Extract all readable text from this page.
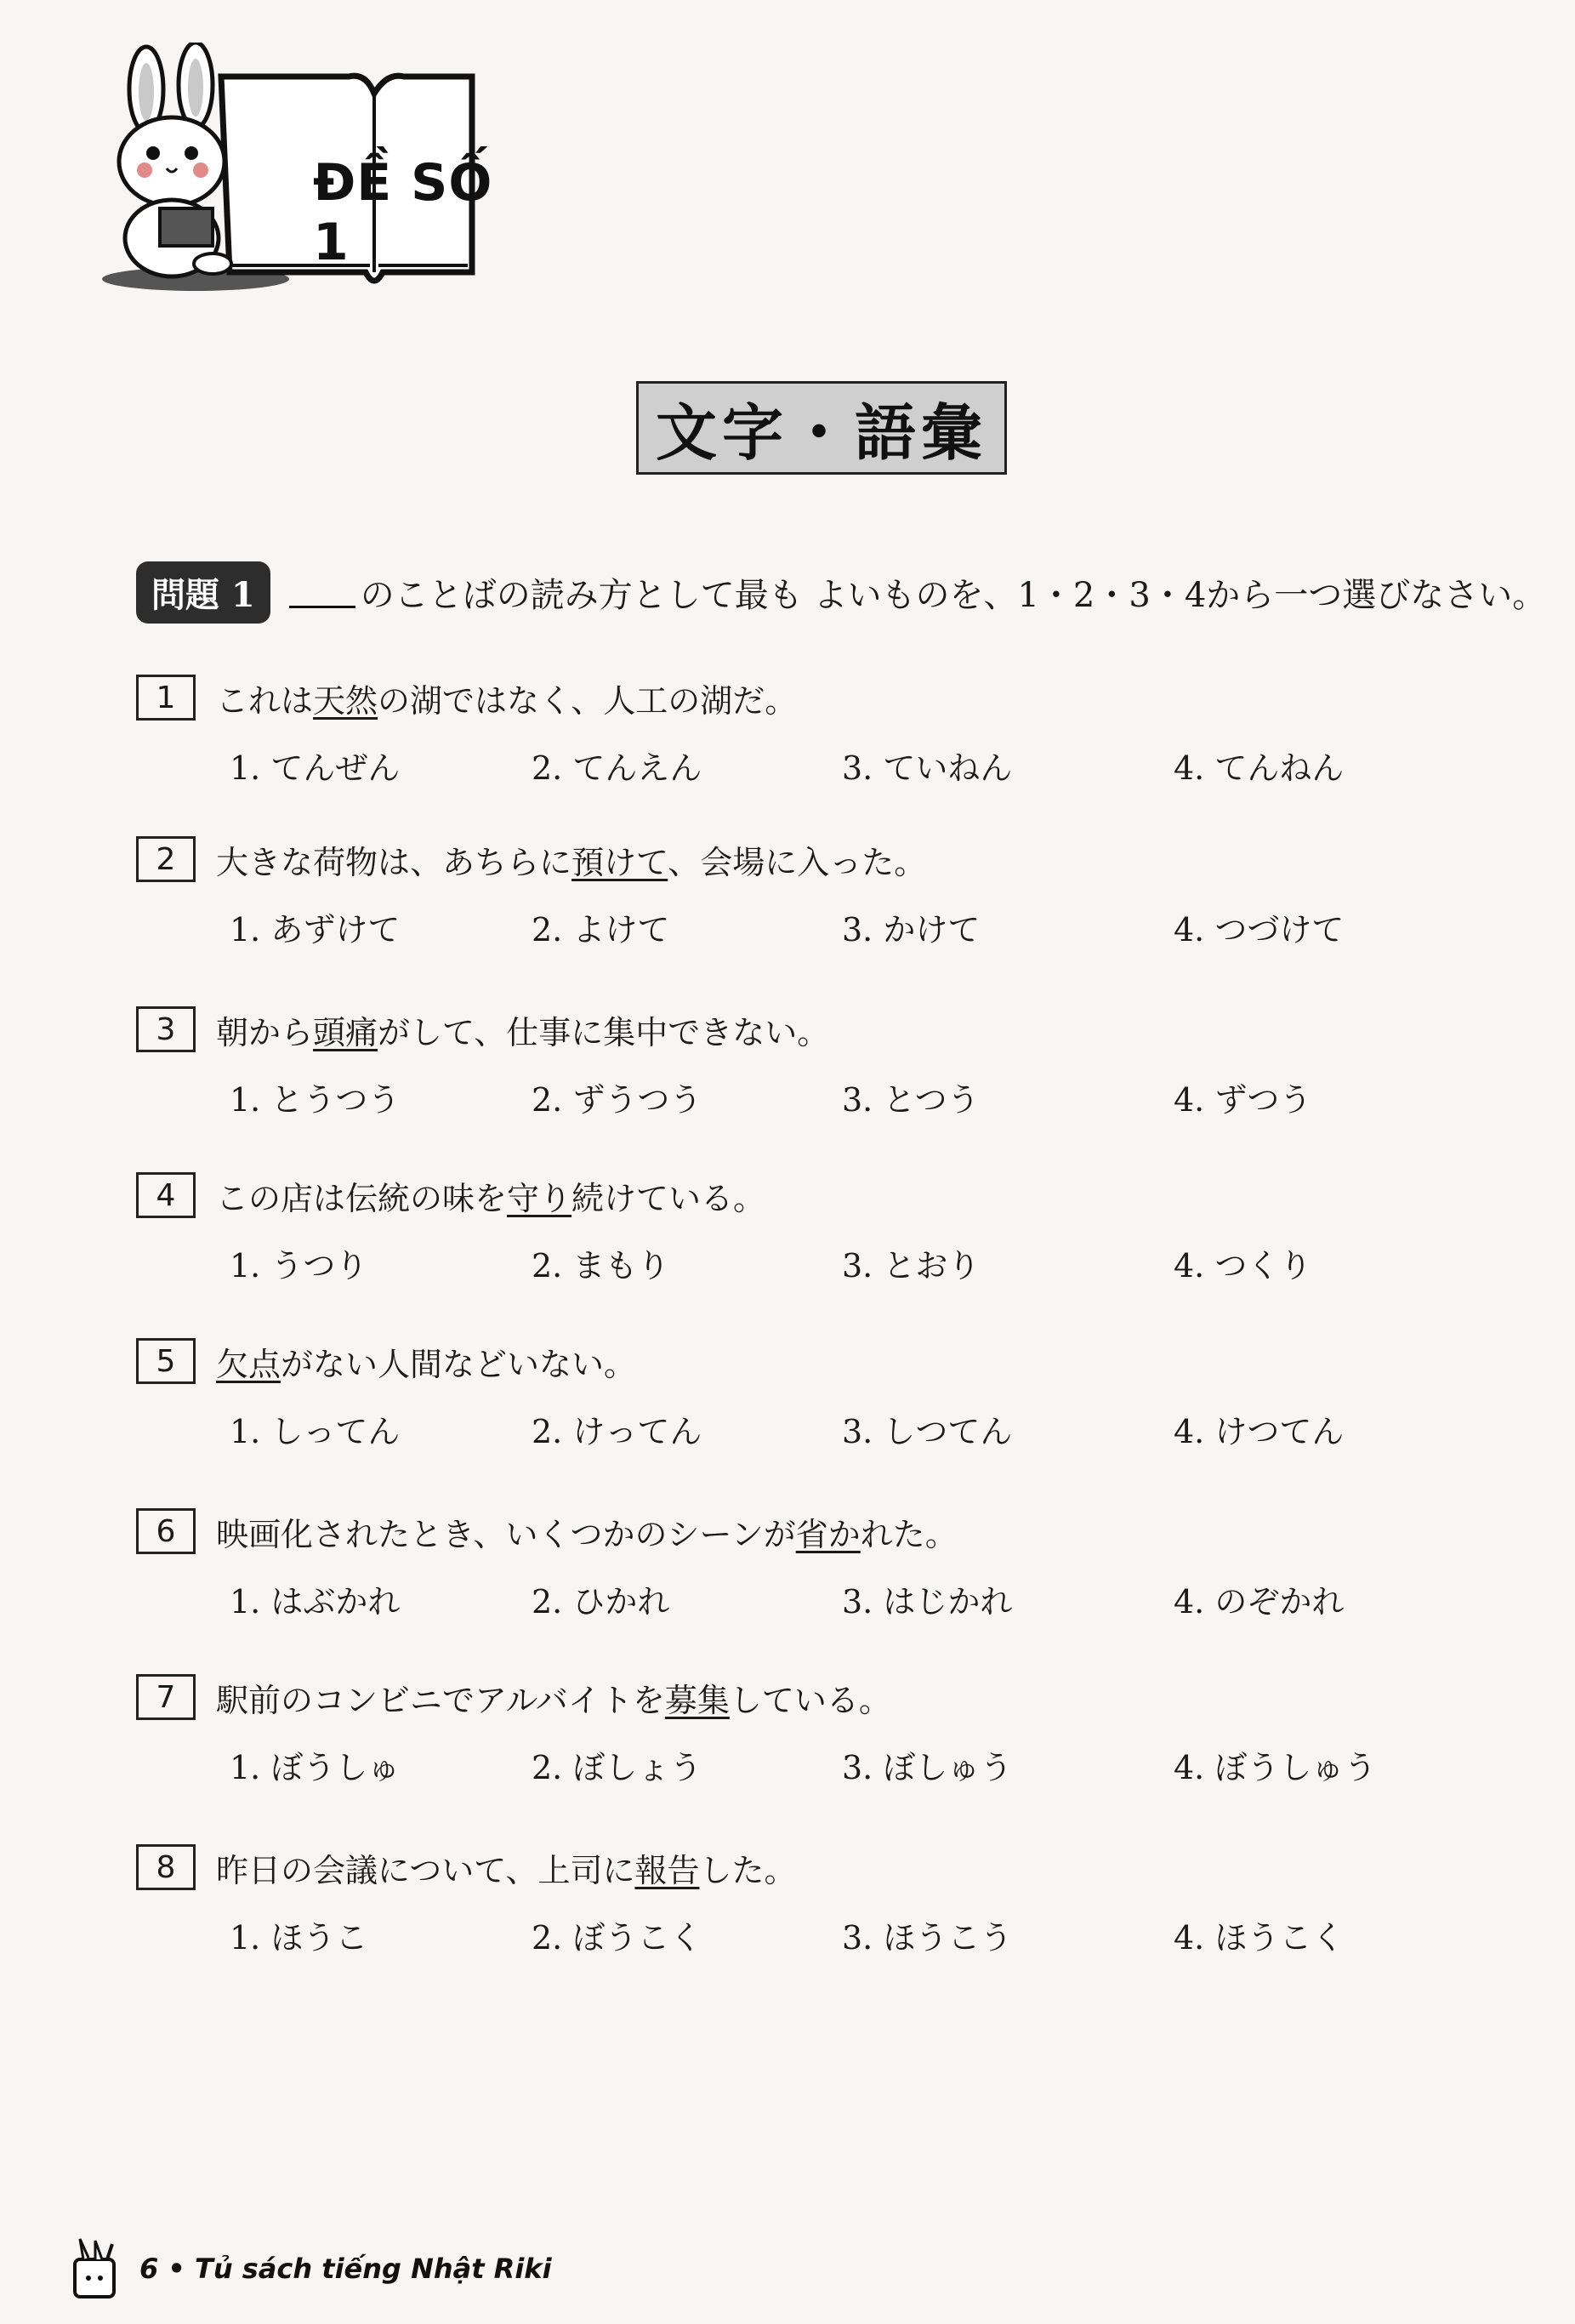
ĐỀ SỐ 1
文字・語彙
問題 1	のことばの読み方として最も よいものを、1・2・3・4から一つ選びなさい。
1	これは天然の湖ではなく、人工の湖だ。
1. てんぜん	2. てんえん	3. ていねん	4. てんねん
2	大きな荷物は、あちらに預けて、会場に入った。
1. あずけて	2. よけて	3. かけて	4. つづけて
3	朝から頭痛がして、仕事に集中できない。
1. とうつう	2. ずうつう	3. とつう	4. ずつう
4	この店は伝統の味を守り続けている。
1. うつり	2. まもり	3. とおり	4. つくり
5	欠点がない人間などいない。
1. しってん	2. けってん	3. しつてん	4. けつてん
6	映画化されたとき、いくつかのシーンが省かれた。
1. はぶかれ	2. ひかれ	3. はじかれ	4. のぞかれ
7	駅前のコンビニでアルバイトを募集している。
1. ぼうしゅ	2. ぼしょう	3. ぼしゅう	4. ぼうしゅう
8	昨日の会議について、上司に報告した。
1. ほうこ	2. ぼうこく	3. ほうこう	4. ほうこく
6 • Tủ sách tiếng Nhật Riki
